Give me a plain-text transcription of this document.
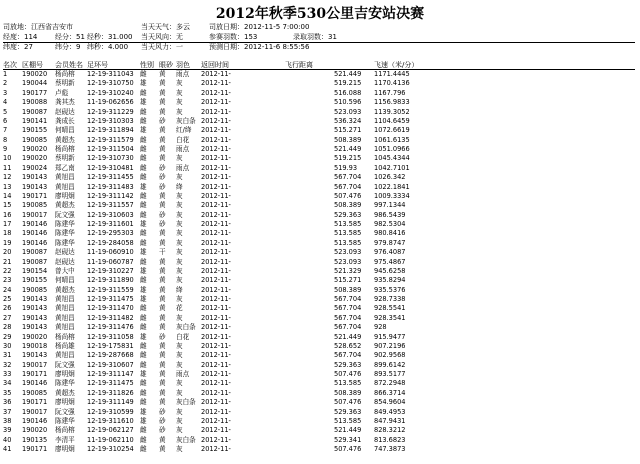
2012年秋季530公里吉安站决赛
司放地：江西省吉安市	当天天气：多云	司放日期：2012-11-5 7:00:00
经度：114	经分：51 经秒：31.000 当天风向：无	参赛羽数：153	录取羽数：31
纬度：27	纬分：9 纬秒：4.000 当天风力：一	预测日期：2012-11-6 8:55:56
名次 区棚号 会员姓名 足环号	性别 眼砂 羽色 返回时间	飞行距离	飞速（米/分）
1 190020 杨尚榕 12-19-311043 雌 黄 雨点 2012-11-	521.449 1171.4445
2 190044 蔡明新 12-19-310750 雄 黄 灰	2012-11-	519.215 1170.4136
3 190177 卢彪	12-19-310240 雌 黄 灰	2012-11-	516.088 1167.796
4 190088 龚其杰 11-19-062656 雄 黄 灰	2012-11-	510.596 1156.9833
5 190087 赵砚达 12-19-311229 雌 黄 灰	2012-11-	523.093 1139.3052
6 190141 龚成长 12-19-310303 雌 砂 灰白条 2012-11-	536.324 1104.6459
7 190155 何晴昌 12-19-311894 雄 黄 红/绛 2012-11-	515.271 1072.6619
8 190085 黄超杰 12-19-311579 雌 黄 白花 2012-11-	508.389 1061.6135
9 190020 杨尚榕 12-19-311504 雌 黄 雨点 2012-11-	521.449 1051.0966
10 190020 蔡明新 12-19-310730 雌 黄 灰	2012-11-	519.215 1045.4344
11 190024 郑乙南 12-19-310481 雌 砂 雨点 2012-11-	519.93	1042.7101
12 190143 黄旭昌 12-19-311455 雌 砂 灰	2012-11-	567.704 1026.342
13 190143 黄旭昌 12-19-311483 雄 砂 绛	2012-11-	567.704 1022.1841
14 190171 廖明炯 12-19-311142 雌 黄 灰	2012-11-	507.476 1009.3334
15 190085 黄超杰 12-19-311557 雌 黄 灰	2012-11-	508.389 997.1344
16 190017 阮文强 12-19-310603 雌 砂 灰	2012-11-	529.363 986.5439
17 190146 陈建华 12-19-311601 雄 砂 灰	2012-11-	513.585 982.5304
18 190146 陈建华 12-19-295303 雌 黄 灰	2012-11-	513.585 980.8416
19 190146 陈建华 12-19-284058 雌 黄 灰	2012-11-	513.585 979.8747
20 190087 赵砚达 11-19-060910 雄 干 灰	2012-11-	523.093 976.4087
21 190087 赵砚达 11-19-060787 雌 黄 灰	2012-11-	523.093 975.4867
22 190154 曾大中 12-19-310227 雄 黄 灰	2012-11-	521.329 945.6258
23 190155 何晴昌 12-19-311890 雌 黄 灰	2012-11-	515.271 935.8294
24 190085 黄超杰 12-19-311559 雄 黄 绛	2012-11-	508.389 935.5376
25 190143 黄旭昌 12-19-311475 雄 黄 灰	2012-11-	567.704 928.7338
26 190143 黄旭昌 12-19-311470 雌 黄 花	2012-11-	567.704 928.5541
27 190143 黄旭昌 12-19-311482 雌 黄 灰	2012-11-	567.704 928.3541
28 190143 黄旭昌 12-19-311476 雌 黄 灰白条 2012-11-	567.704 928
29 190020 杨尚榕 12-19-311058 雄 砂 白花 2012-11-	521.449 915.9477
30 190018 杨尚雄 12-19-175831 雌 黄 灰	2012-11-	528.652 907.2196
31 190143 黄旭昌 12-19-287668 雌 黄 灰	2012-11-	567.704 902.9568
32 190017 阮文强 12-19-310607 雌 黄 灰	2012-11-	529.363 899.6142
33 190171 廖明炯 12-19-311147 雄 黄 雨点 2012-11-	507.476 893.5177
34 190146 陈建华 12-19-311475 雌 黄 灰	2012-11-	513.585 872.2948
35 190085 黄超杰 12-19-311826 雌 黄 灰	2012-11-	508.389 866.3714
36 190171 廖明炯 12-19-311149 雌 黄 灰白条 2012-11-	507.476 854.9604
37 190017 阮文强 12-19-310599 雄 砂 灰	2012-11-	529.363 849.4953
38 190146 陈建华 12-19-311610 雄 砂 灰	2012-11-	513.585 847.9431
39 190020 杨尚榕 12-19-062127 雌 砂 灰	2012-11-	521.449 828.3212
40 190135 李清平 11-19-062110 雌 黄 灰白条 2012-11-	529.341 813.6823
41 190171 廖明炯 12-19-310254 雌 黄 灰	2012-11-	507.476 747.3873
